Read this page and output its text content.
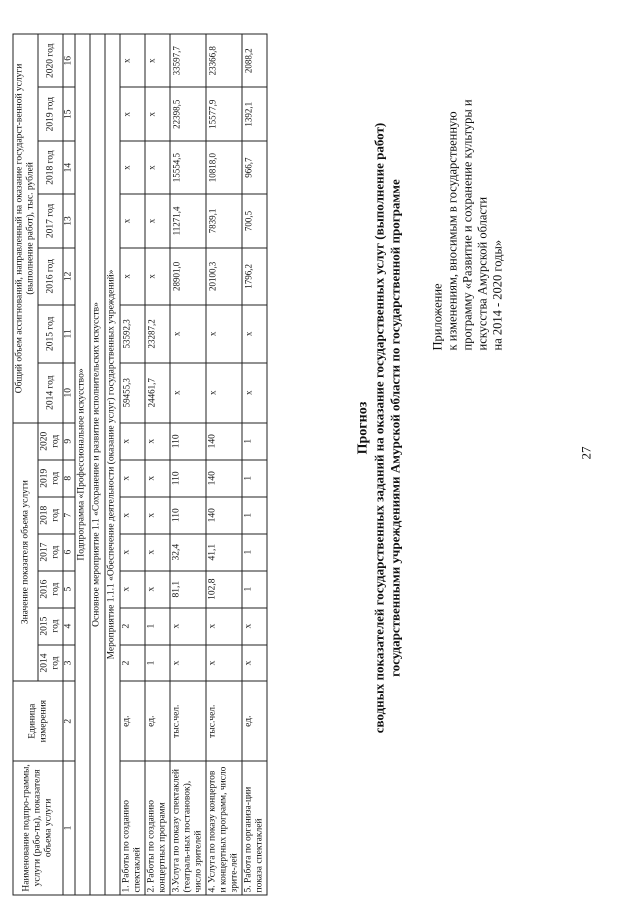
Наименование подпро-граммы, услуги (рабо-ты), показателя объема услуги	Единица измерения	Значение показателя объема услуги							Общий объем ассигнований, направленный на оказание государст-венной услуги (выполнение работ), тыс. рублей						
		2014 год	2015 год	2016 год	2017 год	2018 год	2019 год	2020 год	2014 год	2015 год	2016 год	2017 год	2018 год	2019 год	2020 год
1	2	3	4	5	6	7	8	9	10	11	12	13	14	15	16
Подпрограмма «Профессиональное искусство»															
Основное мероприятие 1.1 «Сохранение и развитие исполнительских искусств»															
Мероприятие 1.1.1 «Обеспечение деятельности (оказание услуг) государственных учреждений»															
1. Работы по созданию спектаклей	ед.	2	2	х	х	х	х	х	59455,3	53592,3	х	х	х	х	х
2. Работы по созданию концертных программ	ед.	1	1	х	х	х	х	х	24461,7	23287,2	х	х	х	х	х
3.Услуга по показу спектаклей (театраль-ных постановок), число зрителей	тыс.чел.	х	х	81,1	32,4	110	110	110	х	х	28901,0	11271,4	15554,5	22398,5	33597,7
4. Услуга по показу концертов и концертных программ, число зрите-лей	тыс.чел.	х	х	102,8	41,1	140	140	140	х	х	20100,3	7839,1	10818,0	15577,9	23366,8
5. Работа по организа-ции показа спектаклей	ед.	х	х	1	1	1	1	1	х	х	1796,2	700,5	966,7	1392,1	2088,2
Прогноз сводных показателей государственных заданий на оказание государственных услуг (выполнение работ) государственными учреждениями Амурской области по государственной программе Приложение к изменениям, вносимым в государственную программу «Развитие и сохранение культуры и искусства Амурской области на 2014 - 2020 годы»
27
